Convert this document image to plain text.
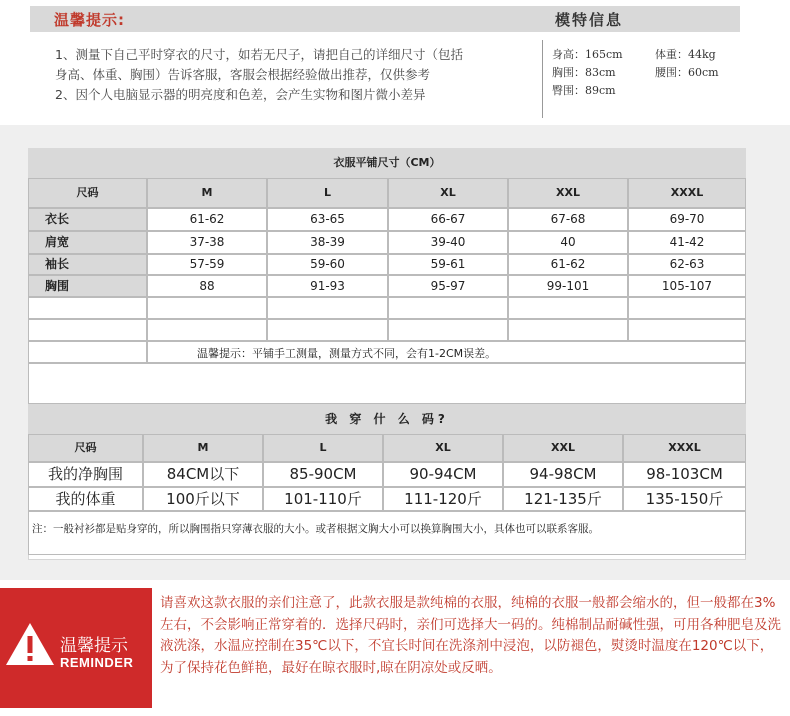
温馨提示:	模特信息

1、测量下自己平时穿衣的尺寸，如若无尺子，请把自己的详细尺寸（包括

身高、体重、胸围）告诉客服，客服会根据经验做出推荐，仅供参考

2、因个人电脑显示器的明亮度和色差，会产生实物和图片微小差异

身高：165cm	体重：44kg
胸围：83cm	腰围：60cm
臀围：89cm
衣服平铺尺寸（CM）
尺码	M	L	XL	XXL	XXXL
衣长	61-62	63-65	66-67	67-68	69-70
肩宽	37-38	38-39	39-40	40	41-42
袖长	57-59	59-60	59-61	61-62	62-63
胸围	88	91-93	95-97	99-101	105-107
温馨提示：平铺手工测量，测量方式不同，会有1-2CM误差。
我 穿 什 么 码?
尺码	M	L	XL	XXL	XXXL
我的净胸围	84CM以下	85-90CM	90-94CM	94-98CM	98-103CM
我的体重	100斤以下	101-110斤	111-120斤	121-135斤	135-150斤
注：一般衬衫都是贴身穿的，所以胸围指只穿薄衣服的大小。或者根据文胸大小可以换算胸围大小，具体也可以联系客服。
温馨提示
REMINDER
请喜欢这款衣服的亲们注意了，此款衣服是款纯棉的衣服，纯棉的衣服一般都会缩水的，但一般都在3%左右，不会影响正常穿着的．选择尺码时，亲们可选择大一码的。纯棉制品耐碱性强，可用各种肥皂及洗液洗涤，水温应控制在35℃以下，不宜长时间在洗涤剂中浸泡，以防褪色，熨烫时温度在120℃以下，为了保持花色鲜艳，最好在晾衣服时,晾在阴凉处或反晒。
